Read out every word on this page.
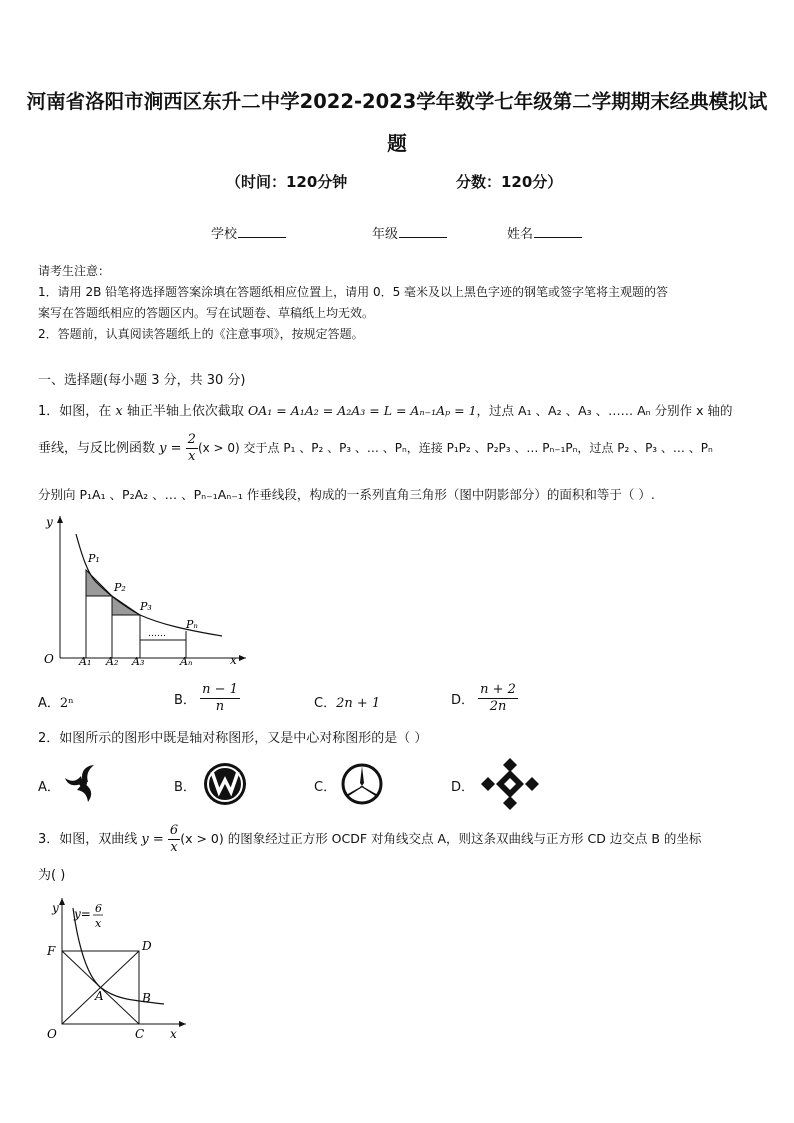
河南省洛阳市涧西区东升二中学2022-2023学年数学七年级第二学期期末经典模拟试
题
（时间：120分钟	分数：120分）
学校	年级	姓名
请考生注意：
1．请用 2B 铅笔将选择题答案涂填在答题纸相应位置上，请用 0．5 毫米及以上黑色字迹的钢笔或签字笔将主观题的答
案写在答题纸相应的答题区内。写在试题卷、草稿纸上均无效。
2．答题前，认真阅读答题纸上的《注意事项》，按规定答题。
一、选择题(每小题 3 分，共 30 分)
1．如图，在 x 轴正半轴上依次截取 OA₁ = A₁A₂ = A₂A₃ = L = Aₙ₋₁Aₚ = 1，过点 A₁ 、A₂ 、A₃ 、…… Aₙ 分别作 x 轴的
垂线，与反比例函数 $y = \frac{2}{x} (x > 0)$ 交于点 P₁ 、P₂ 、P₃ 、… 、Pₙ，连接 P₁P₂ 、P₂P₃ 、… Pₙ₋₁Pₙ，过点 P₂ 、P₃ 、… 、Pₙ
分别向 P₁A₁ 、P₂A₂ 、… 、Pₙ₋₁Aₙ₋₁ 作垂线段，构成的一系列直角三角形（图中阴影部分）的面积和等于（ ）.
P₁
P₂
P₃
Pₙ
……
O A₁ A₂ A₃	Aₙ	x
y
A．2ⁿ	B． $\frac{n - 1}{n}$	C．2n + 1	D． $\frac{n + 2}{2n}$
2．如图所示的图形中既是轴对称图形，又是中心对称图形的是（ ）
A．	B．	C．	D．
3．如图，双曲线 $y = \frac{6}{x} (x > 0)$ 的图象经过正方形 OCDF 对角线交点 A，则这条双曲线与正方形 CD 边交点 B 的坐标
为( )
y y= 6
x
F	D
A	B
O	C x
